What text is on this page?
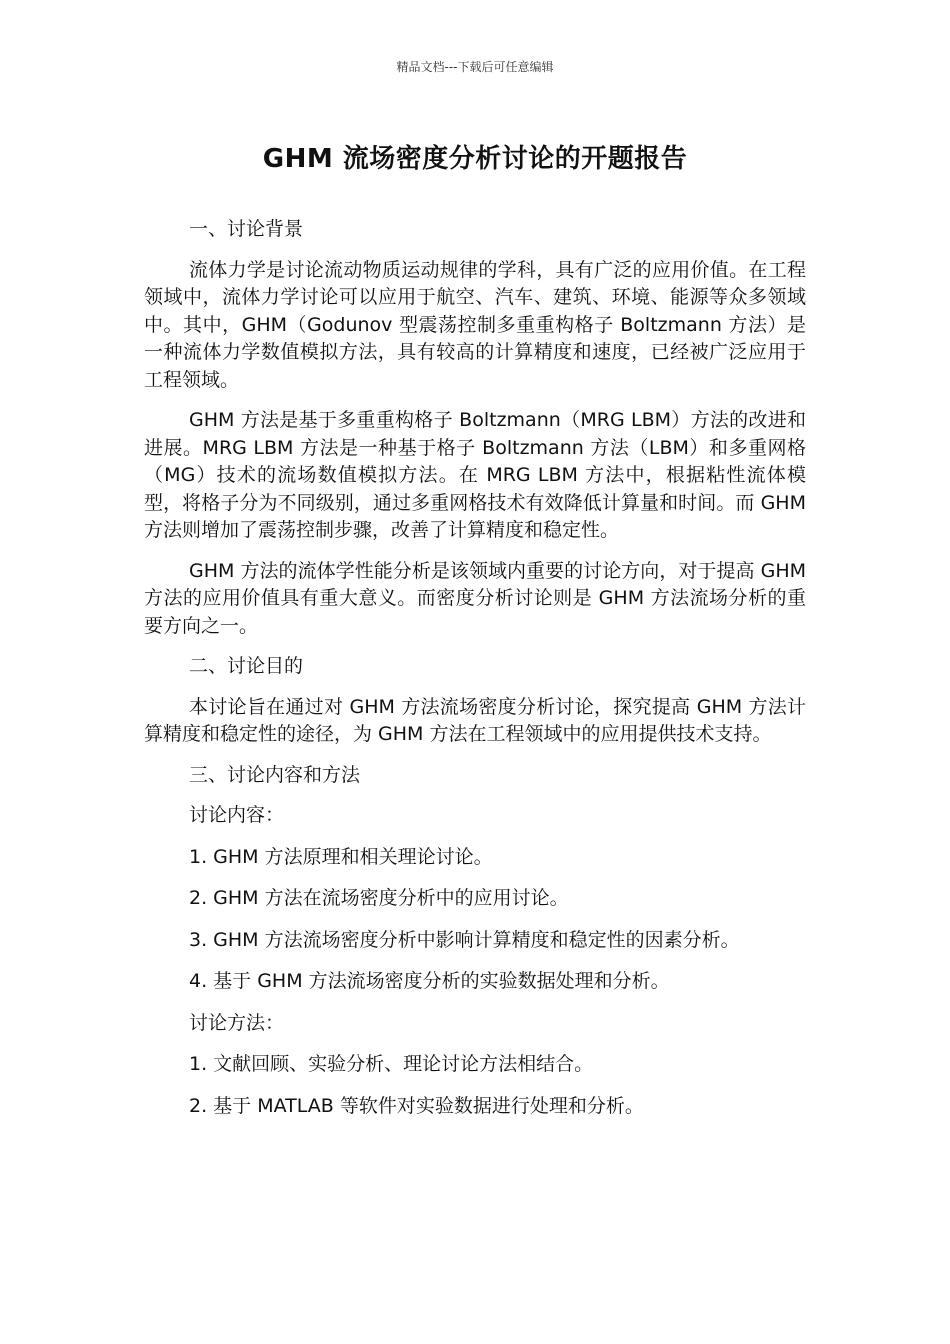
精品文档---下载后可任意编辑
GHM 流场密度分析讨论的开题报告

一、讨论背景

流体力学是讨论流动物质运动规律的学科，具有广泛的应用价值。在工程领域中，流体力学讨论可以应用于航空、汽车、建筑、环境、能源等众多领域中。其中，GHM（Godunov 型震荡控制多重重构格子 Boltzmann 方法）是一种流体力学数值模拟方法，具有较高的计算精度和速度，已经被广泛应用于工程领域。

GHM 方法是基于多重重构格子 Boltzmann（MRG LBM）方法的改进和进展。MRG LBM 方法是一种基于格子 Boltzmann 方法（LBM）和多重网格（MG）技术的流场数值模拟方法。在 MRG LBM 方法中，根据粘性流体模型，将格子分为不同级别，通过多重网格技术有效降低计算量和时间。而 GHM 方法则增加了震荡控制步骤，改善了计算精度和稳定性。

GHM 方法的流体学性能分析是该领域内重要的讨论方向，对于提高 GHM 方法的应用价值具有重大意义。而密度分析讨论则是 GHM 方法流场分析的重要方向之一。

二、讨论目的

本讨论旨在通过对 GHM 方法流场密度分析讨论，探究提高 GHM 方法计算精度和稳定性的途径，为 GHM 方法在工程领域中的应用提供技术支持。

三、讨论内容和方法

讨论内容：

1. GHM 方法原理和相关理论讨论。

2. GHM 方法在流场密度分析中的应用讨论。

3. GHM 方法流场密度分析中影响计算精度和稳定性的因素分析。

4. 基于 GHM 方法流场密度分析的实验数据处理和分析。

讨论方法：

1. 文献回顾、实验分析、理论讨论方法相结合。

2. 基于 MATLAB 等软件对实验数据进行处理和分析。
